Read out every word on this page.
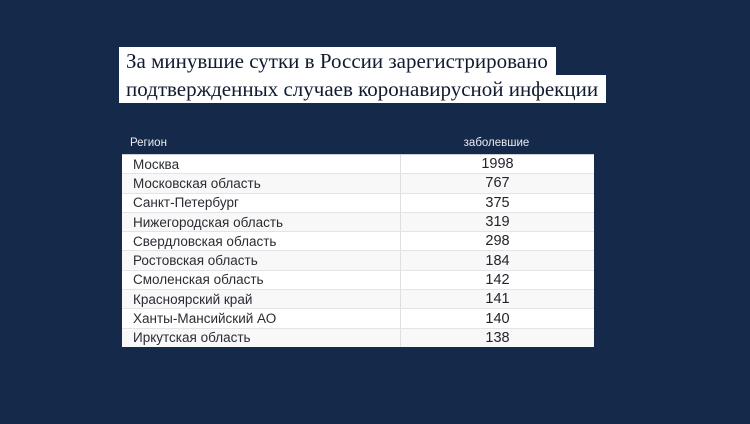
За минувшие сутки в России зарегистрировано
подтвержденных случаев коронавирусной инфекции
Регион	заболевшие
Москва	1998
Московская область	767
Санкт-Петербург	375
Нижегородская область	319
Свердловская область	298
Ростовская область	184
Смоленская область	142
Красноярский край	141
Ханты-Мансийский АО	140
Иркутская область	138
